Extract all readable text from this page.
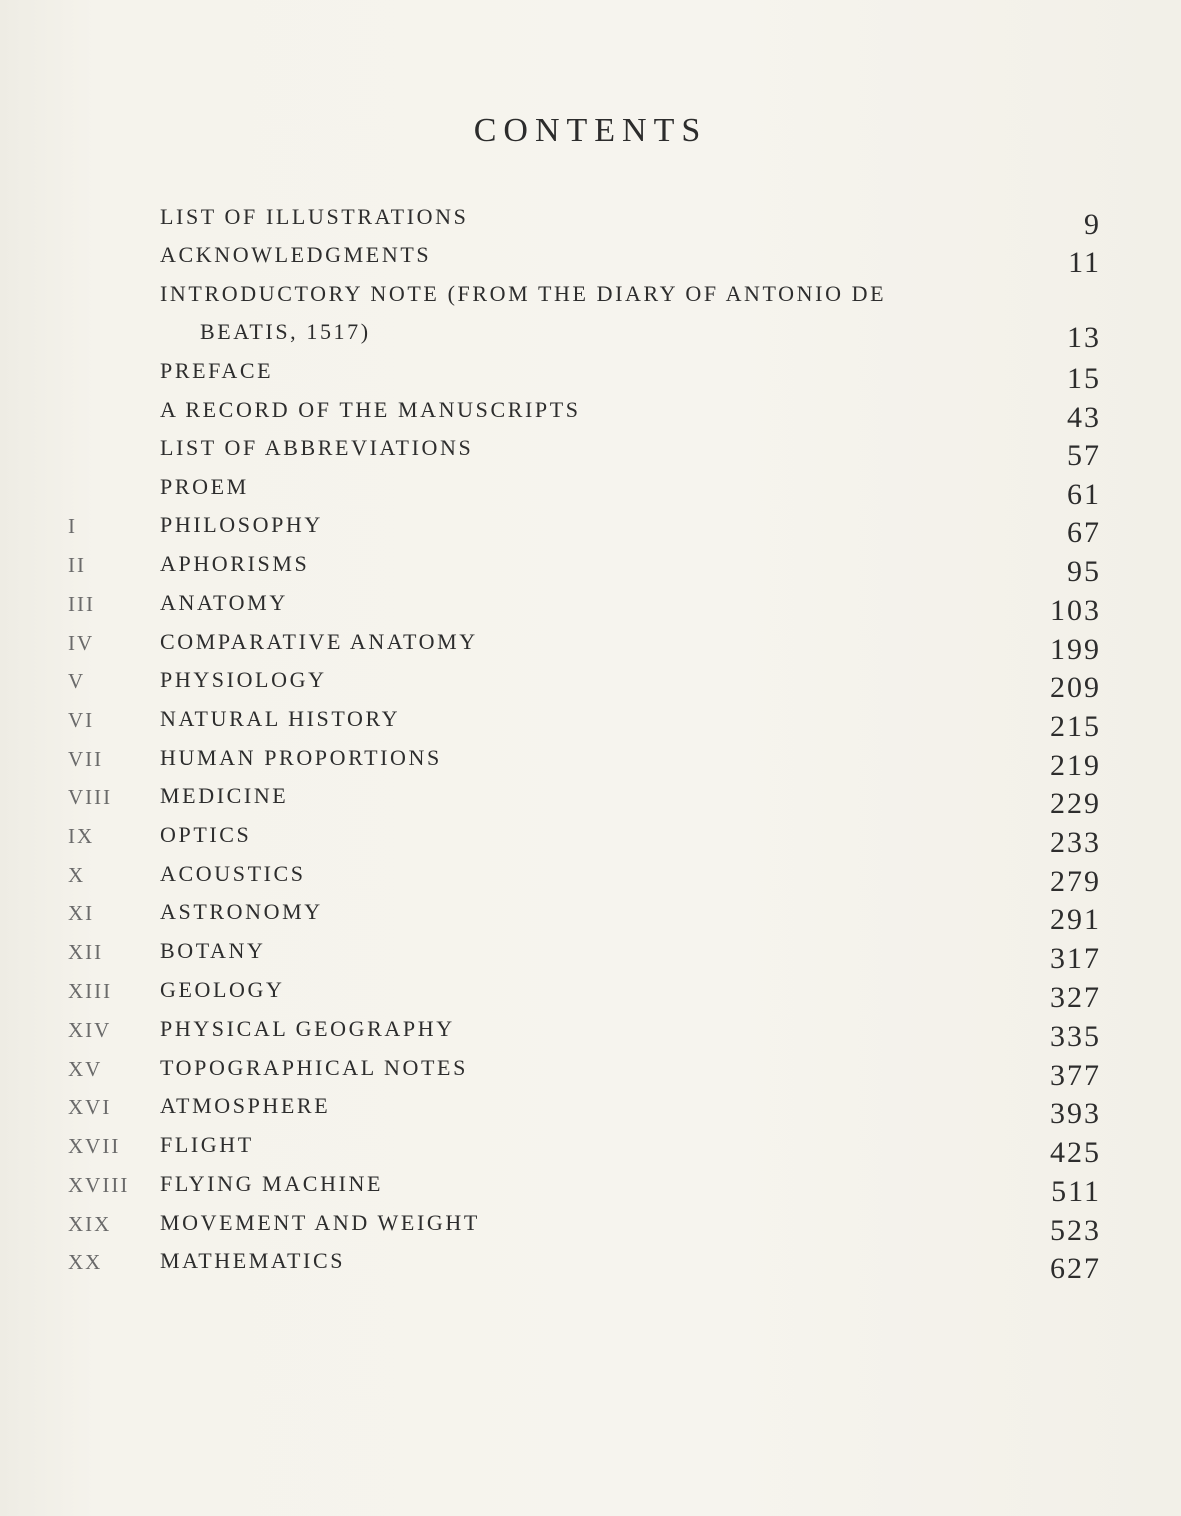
CONTENTS
LIST OF ILLUSTRATIONS	9
ACKNOWLEDGMENTS	11
INTRODUCTORY NOTE (FROM THE DIARY OF ANTONIO DE
BEATIS, 1517)	13
PREFACE	15
A RECORD OF THE MANUSCRIPTS	43
LIST OF ABBREVIATIONS	57
PROEM	61
I	PHILOSOPHY	67
II	APHORISMS	95
III	ANATOMY	103
IV	COMPARATIVE ANATOMY	199
V	PHYSIOLOGY	209
VI	NATURAL HISTORY	215
VII	HUMAN PROPORTIONS	219
VIII	MEDICINE	229
IX	OPTICS	233
X	ACOUSTICS	279
XI	ASTRONOMY	291
XII	BOTANY	317
XIII	GEOLOGY	327
XIV	PHYSICAL GEOGRAPHY	335
XV	TOPOGRAPHICAL NOTES	377
XVI	ATMOSPHERE	393
XVII	FLIGHT	425
XVIII	FLYING MACHINE	511
XIX	MOVEMENT AND WEIGHT	523
XX	MATHEMATICS	627
